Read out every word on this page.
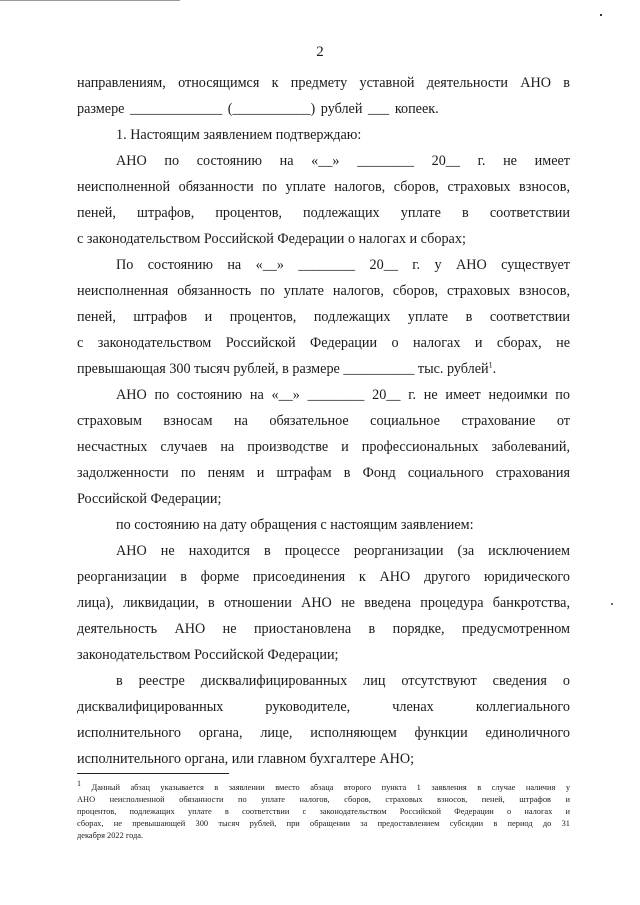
2
направлениям, относящимся к предмету уставной деятельности АНО в
размере _____________ (___________) рублей ___ копеек.
1. Настоящим заявлением подтверждаю:
АНО по состоянию на «__» ________ 20__ г. не имеет
неисполненной обязанности по уплате налогов, сборов, страховых взносов,
пеней, штрафов, процентов, подлежащих уплате в соответствии
с законодательством Российской Федерации о налогах и сборах;
По состоянию на «__» ________ 20__ г. у АНО существует
неисполненная обязанность по уплате налогов, сборов, страховых взносов,
пеней, штрафов и процентов, подлежащих уплате в соответствии
с законодательством Российской Федерации о налогах и сборах, не
превышающая 300 тысяч рублей, в размере __________ тыс. рублей$^1$.
АНО по состоянию на «__» ________ 20__ г. не имеет недоимки по
страховым взносам на обязательное социальное страхование от
несчастных случаев на производстве и профессиональных заболеваний,
задолженности по пеням и штрафам в Фонд социального страхования
Российской Федерации;
по состоянию на дату обращения с настоящим заявлением:
АНО не находится в процессе реорганизации (за исключением
реорганизации в форме присоединения к АНО другого юридического
лица), ликвидации, в отношении АНО не введена процедура банкротства,
деятельность АНО не приостановлена в порядке, предусмотренном
законодательством Российской Федерации;
в реестре дисквалифицированных лиц отсутствуют сведения о
дисквалифицированных руководителе, членах коллегиального
исполнительного органа, лице, исполняющем функции единоличного
исполнительного органа, или главном бухгалтере АНО;
$^1$ Данный абзац указывается в заявлении вместо абзаца второго пункта 1 заявления в случае наличия у
АНО неисполненной обязанности по уплате налогов, сборов, страховых взносов, пеней, штрафов и
процентов, подлежащих уплате в соответствии с законодательством Российской Федерации о налогах и
сборах, не превышающей 300 тысяч рублей, при обращении за предоставлением субсидии в период до 31
декабря 2022 года.
